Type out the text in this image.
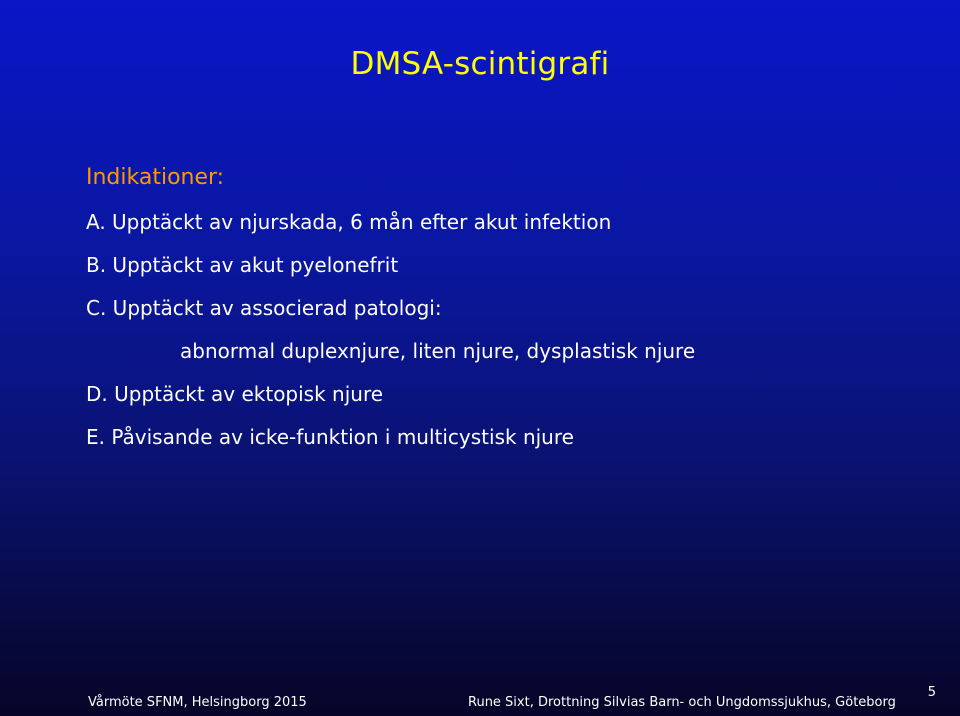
DMSA-scintigrafi
Indikationer:
A. Upptäckt av njurskada, 6 mån efter akut infektion
B. Upptäckt av akut pyelonefrit
C. Upptäckt av associerad patologi:
abnormal duplexnjure, liten njure, dysplastisk njure
D. Upptäckt av ektopisk njure
E. Påvisande av icke-funktion i multicystisk njure
Vårmöte SFNM, Helsingborg 2015	Rune Sixt, Drottning Silvias Barn- och Ungdomssjukhus, Göteborg
5
